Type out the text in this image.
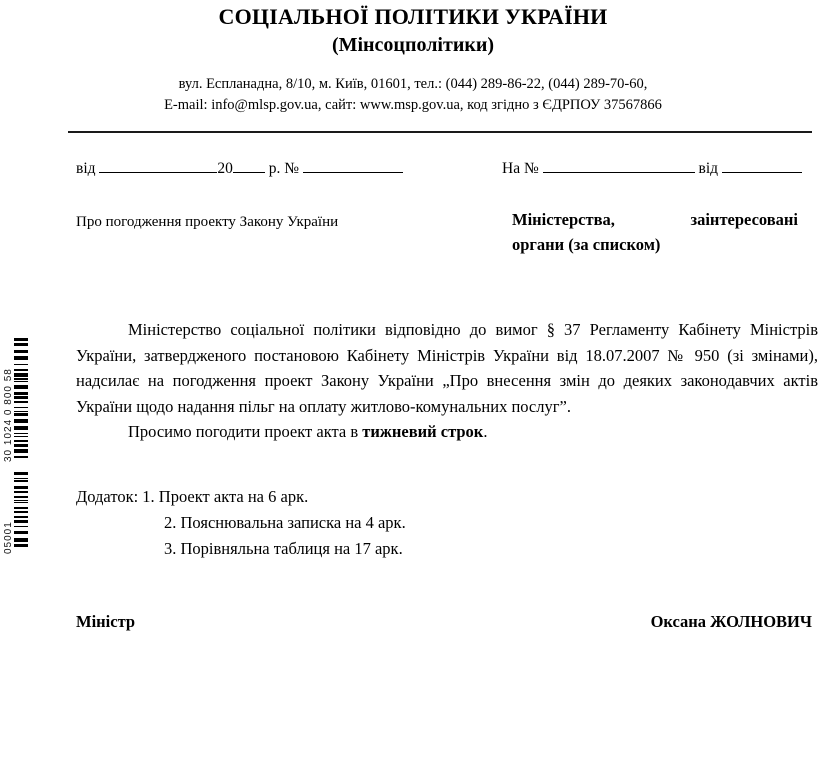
СОЦІАЛЬНОЇ ПОЛІТИКИ УКРАЇНИ
(Мінсоцполітики)
вул. Еспланадна, 8/10, м. Київ, 01601, тел.: (044) 289-86-22, (044) 289-70-60,
E-mail: info@mlsp.gov.ua, сайт: www.msp.gov.ua, код згідно з ЄДРПОУ 37567866
від	20 р. №	На №	від
Про погодження проекту Закону України	Міністерства, заінтересовані
органи (за списком)

Міністерство соціальної політики відповідно до вимог § 37 Регламенту Кабінету Міністрів України, затвердженого постановою Кабінету Міністрів України від 18.07.2007 № 950 (зі змінами), надсилає на погодження проект Закону України „Про внесення змін до деяких законодавчих актів України щодо надання пільг на оплату житлово-комунальних послуг”.

Просимо погодити проект акта в тижневий строк.

Додаток: 1. Проект акта на 6 арк.
2. Пояснювальна записка на 4 арк.
3. Порівняльна таблиця на 17 арк.
Міністр	Оксана ЖОЛНОВИЧ
30 1024 0 800 58
05001
